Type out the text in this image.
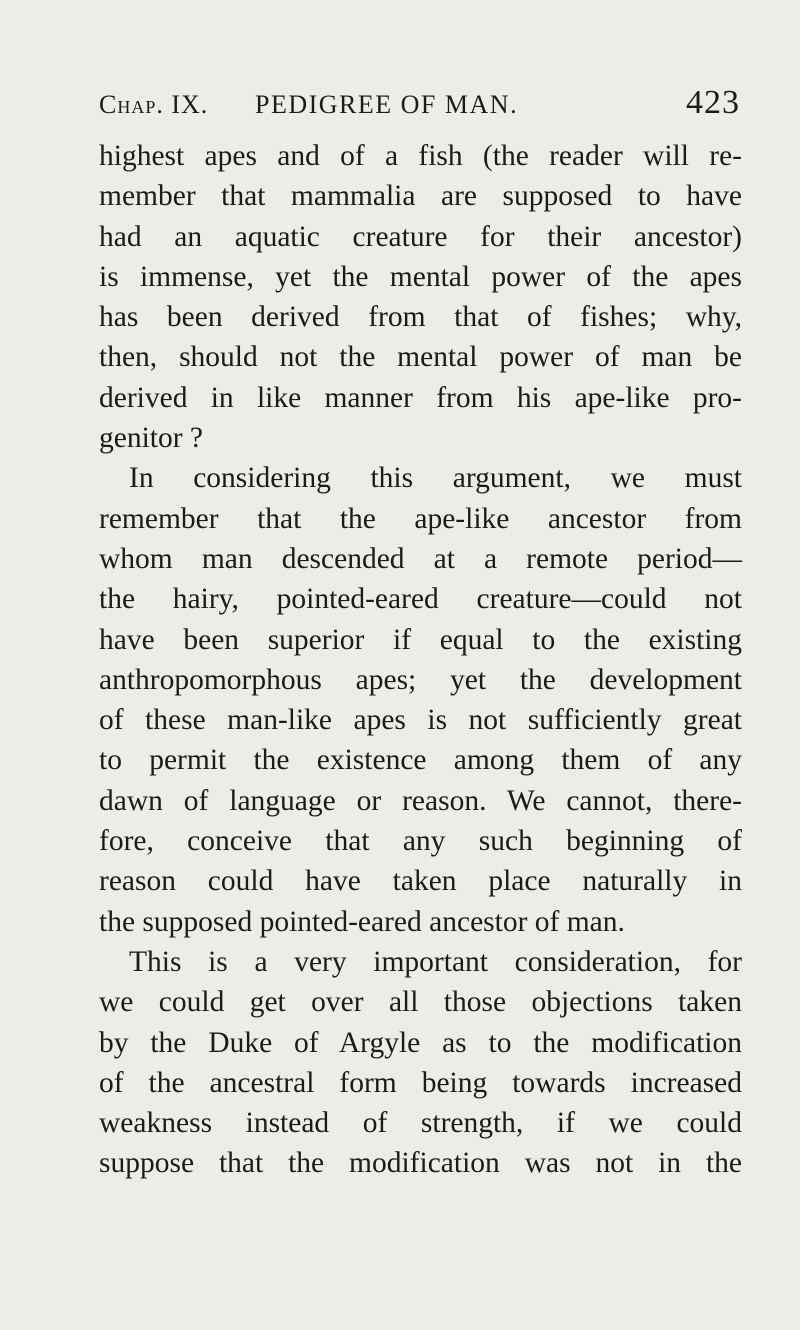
Chap. IX. PEDIGREE OF MAN.	423
highest apes and of a fish (the reader will re-
member that mammalia are supposed to have
had an aquatic creature for their ancestor)
is immense, yet the mental power of the apes
has been derived from that of fishes; why,
then, should not the mental power of man be
derived in like manner from his ape-like pro-
genitor ?
In considering this argument, we must
remember that the ape-like ancestor from
whom man descended at a remote period—
the hairy, pointed-eared creature—could not
have been superior if equal to the existing
anthropomorphous apes; yet the development
of these man-like apes is not sufficiently great
to permit the existence among them of any
dawn of language or reason. We cannot, there-
fore, conceive that any such beginning of
reason could have taken place naturally in
the supposed pointed-eared ancestor of man.
This is a very important consideration, for
we could get over all those objections taken
by the Duke of Argyle as to the modification
of the ancestral form being towards increased
weakness instead of strength, if we could
suppose that the modification was not in the
